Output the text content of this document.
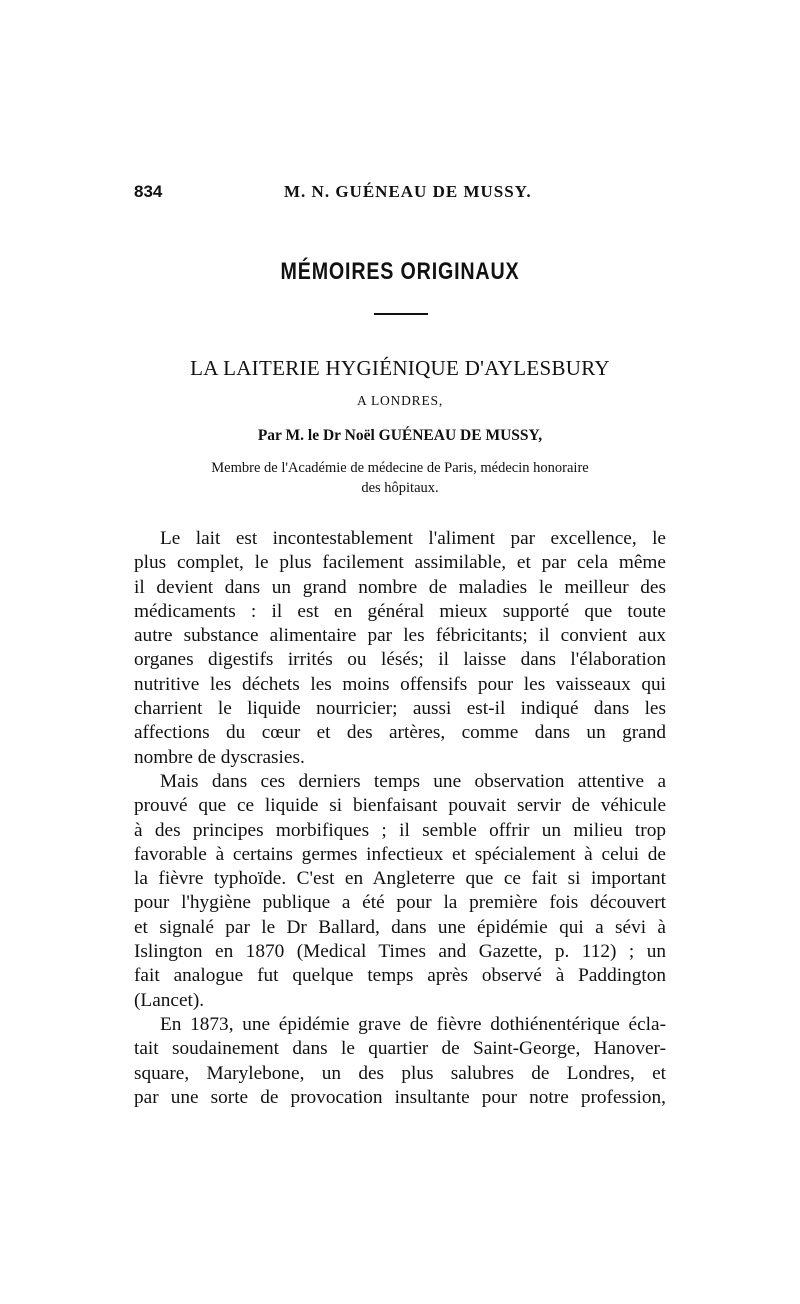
834	M. N. GUÉNEAU DE MUSSY.
MÉMOIRES ORIGINAUX
LA LAITERIE HYGIÉNIQUE D'AYLESBURY
A LONDRES,
Par M. le Dr Noël GUÉNEAU DE MUSSY,
Membre de l'Académie de médecine de Paris, médecin honoraire
des hôpitaux.

Le lait est incontestablement l'aliment par excellence, le
plus complet, le plus facilement assimilable, et par cela même
il devient dans un grand nombre de maladies le meilleur des
médicaments : il est en général mieux supporté que toute
autre substance alimentaire par les fébricitants; il convient aux
organes digestifs irrités ou lésés; il laisse dans l'élaboration
nutritive les déchets les moins offensifs pour les vaisseaux qui
charrient le liquide nourricier; aussi est-il indiqué dans les
affections du cœur et des artères, comme dans un grand
nombre de dyscrasies.

Mais dans ces derniers temps une observation attentive a
prouvé que ce liquide si bienfaisant pouvait servir de véhicule
à des principes morbifiques ; il semble offrir un milieu trop
favorable à certains germes infectieux et spécialement à celui de
la fièvre typhoïde. C'est en Angleterre que ce fait si important
pour l'hygiène publique a été pour la première fois découvert
et signalé par le Dr Ballard, dans une épidémie qui a sévi à
Islington en 1870 (Medical Times and Gazette, p. 112) ; un
fait analogue fut quelque temps après observé à Paddington
(Lancet).

En 1873, une épidémie grave de fièvre dothiénentérique écla-
tait soudainement dans le quartier de Saint-George, Hanover-
square, Marylebone, un des plus salubres de Londres, et
par une sorte de provocation insultante pour notre profession,
